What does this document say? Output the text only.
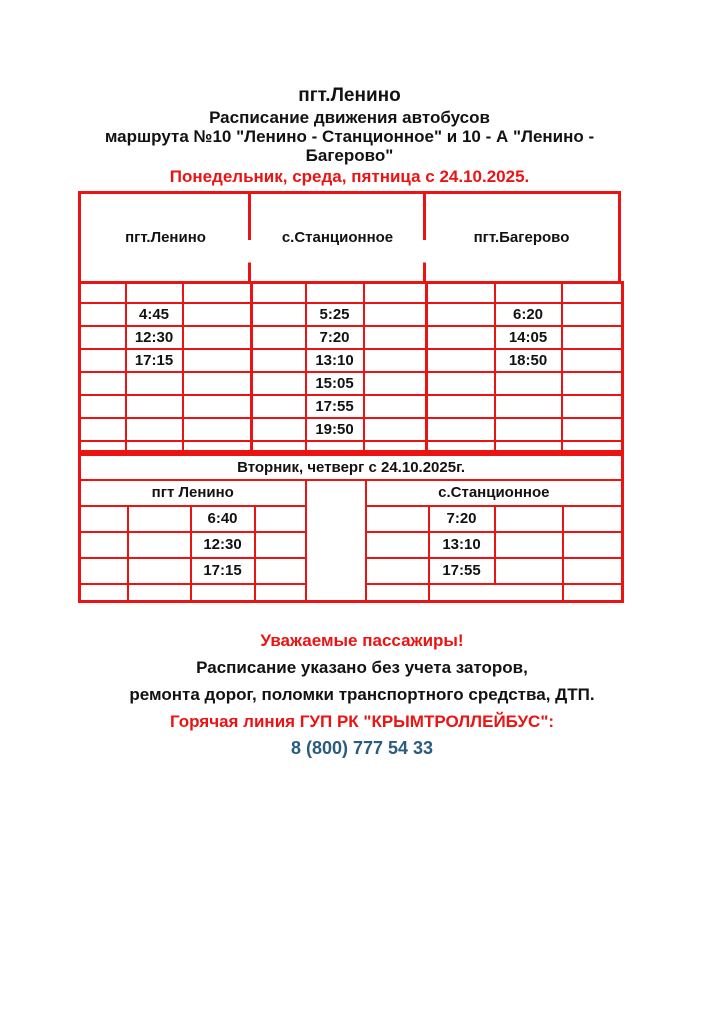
пгт.Ленино
Расписание движения автобусов
маршрута №10 "Ленино - Станционное" и 10 - А "Ленино - Багерово"
Понедельник, среда, пятница с 24.10.2025.
пгт.Ленино	с.Станционное	пгт.Багерово

	4:45			5:25			6:20	
	12:30			7:20			14:05	
	17:15			13:10			18:50	
				15:05				
				17:55				
				19:50				

Вторник, четверг с 24.10.2025г.								
пгт Ленино					с.Станционное			
		6:40				7:20		
		12:30				13:10		
		17:15				17:55		

Уважаемые пассажиры!
Расписание указано без учета заторов,
ремонта дорог, поломки транспортного средства, ДТП.
Горячая линия ГУП РК "КРЫМТРОЛЛЕЙБУС":
8 (800) 777 54 33
